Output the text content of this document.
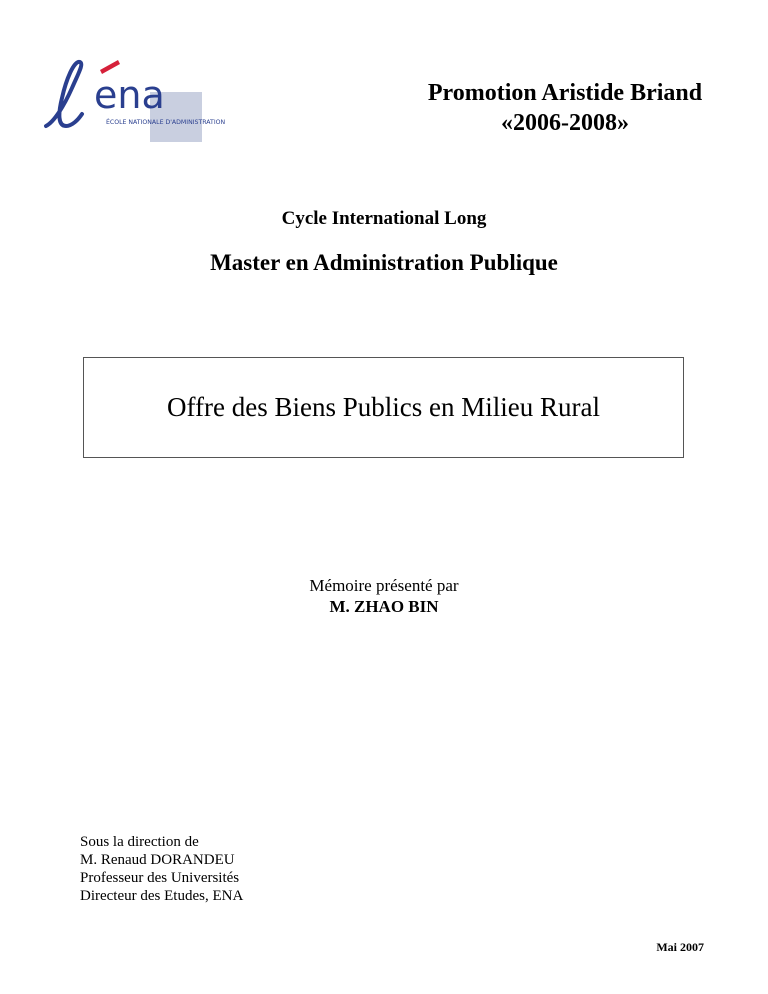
ena
ÉCOLE NATIONALE D'ADMINISTRATION
Promotion Aristide Briand
«2006-2008»
Cycle International Long
Master en Administration Publique
Offre des Biens Publics en Milieu Rural
Mémoire présenté par
M. ZHAO BIN
Sous la direction de
M. Renaud DORANDEU
Professeur des Universités
Directeur des Etudes, ENA
Mai 2007
